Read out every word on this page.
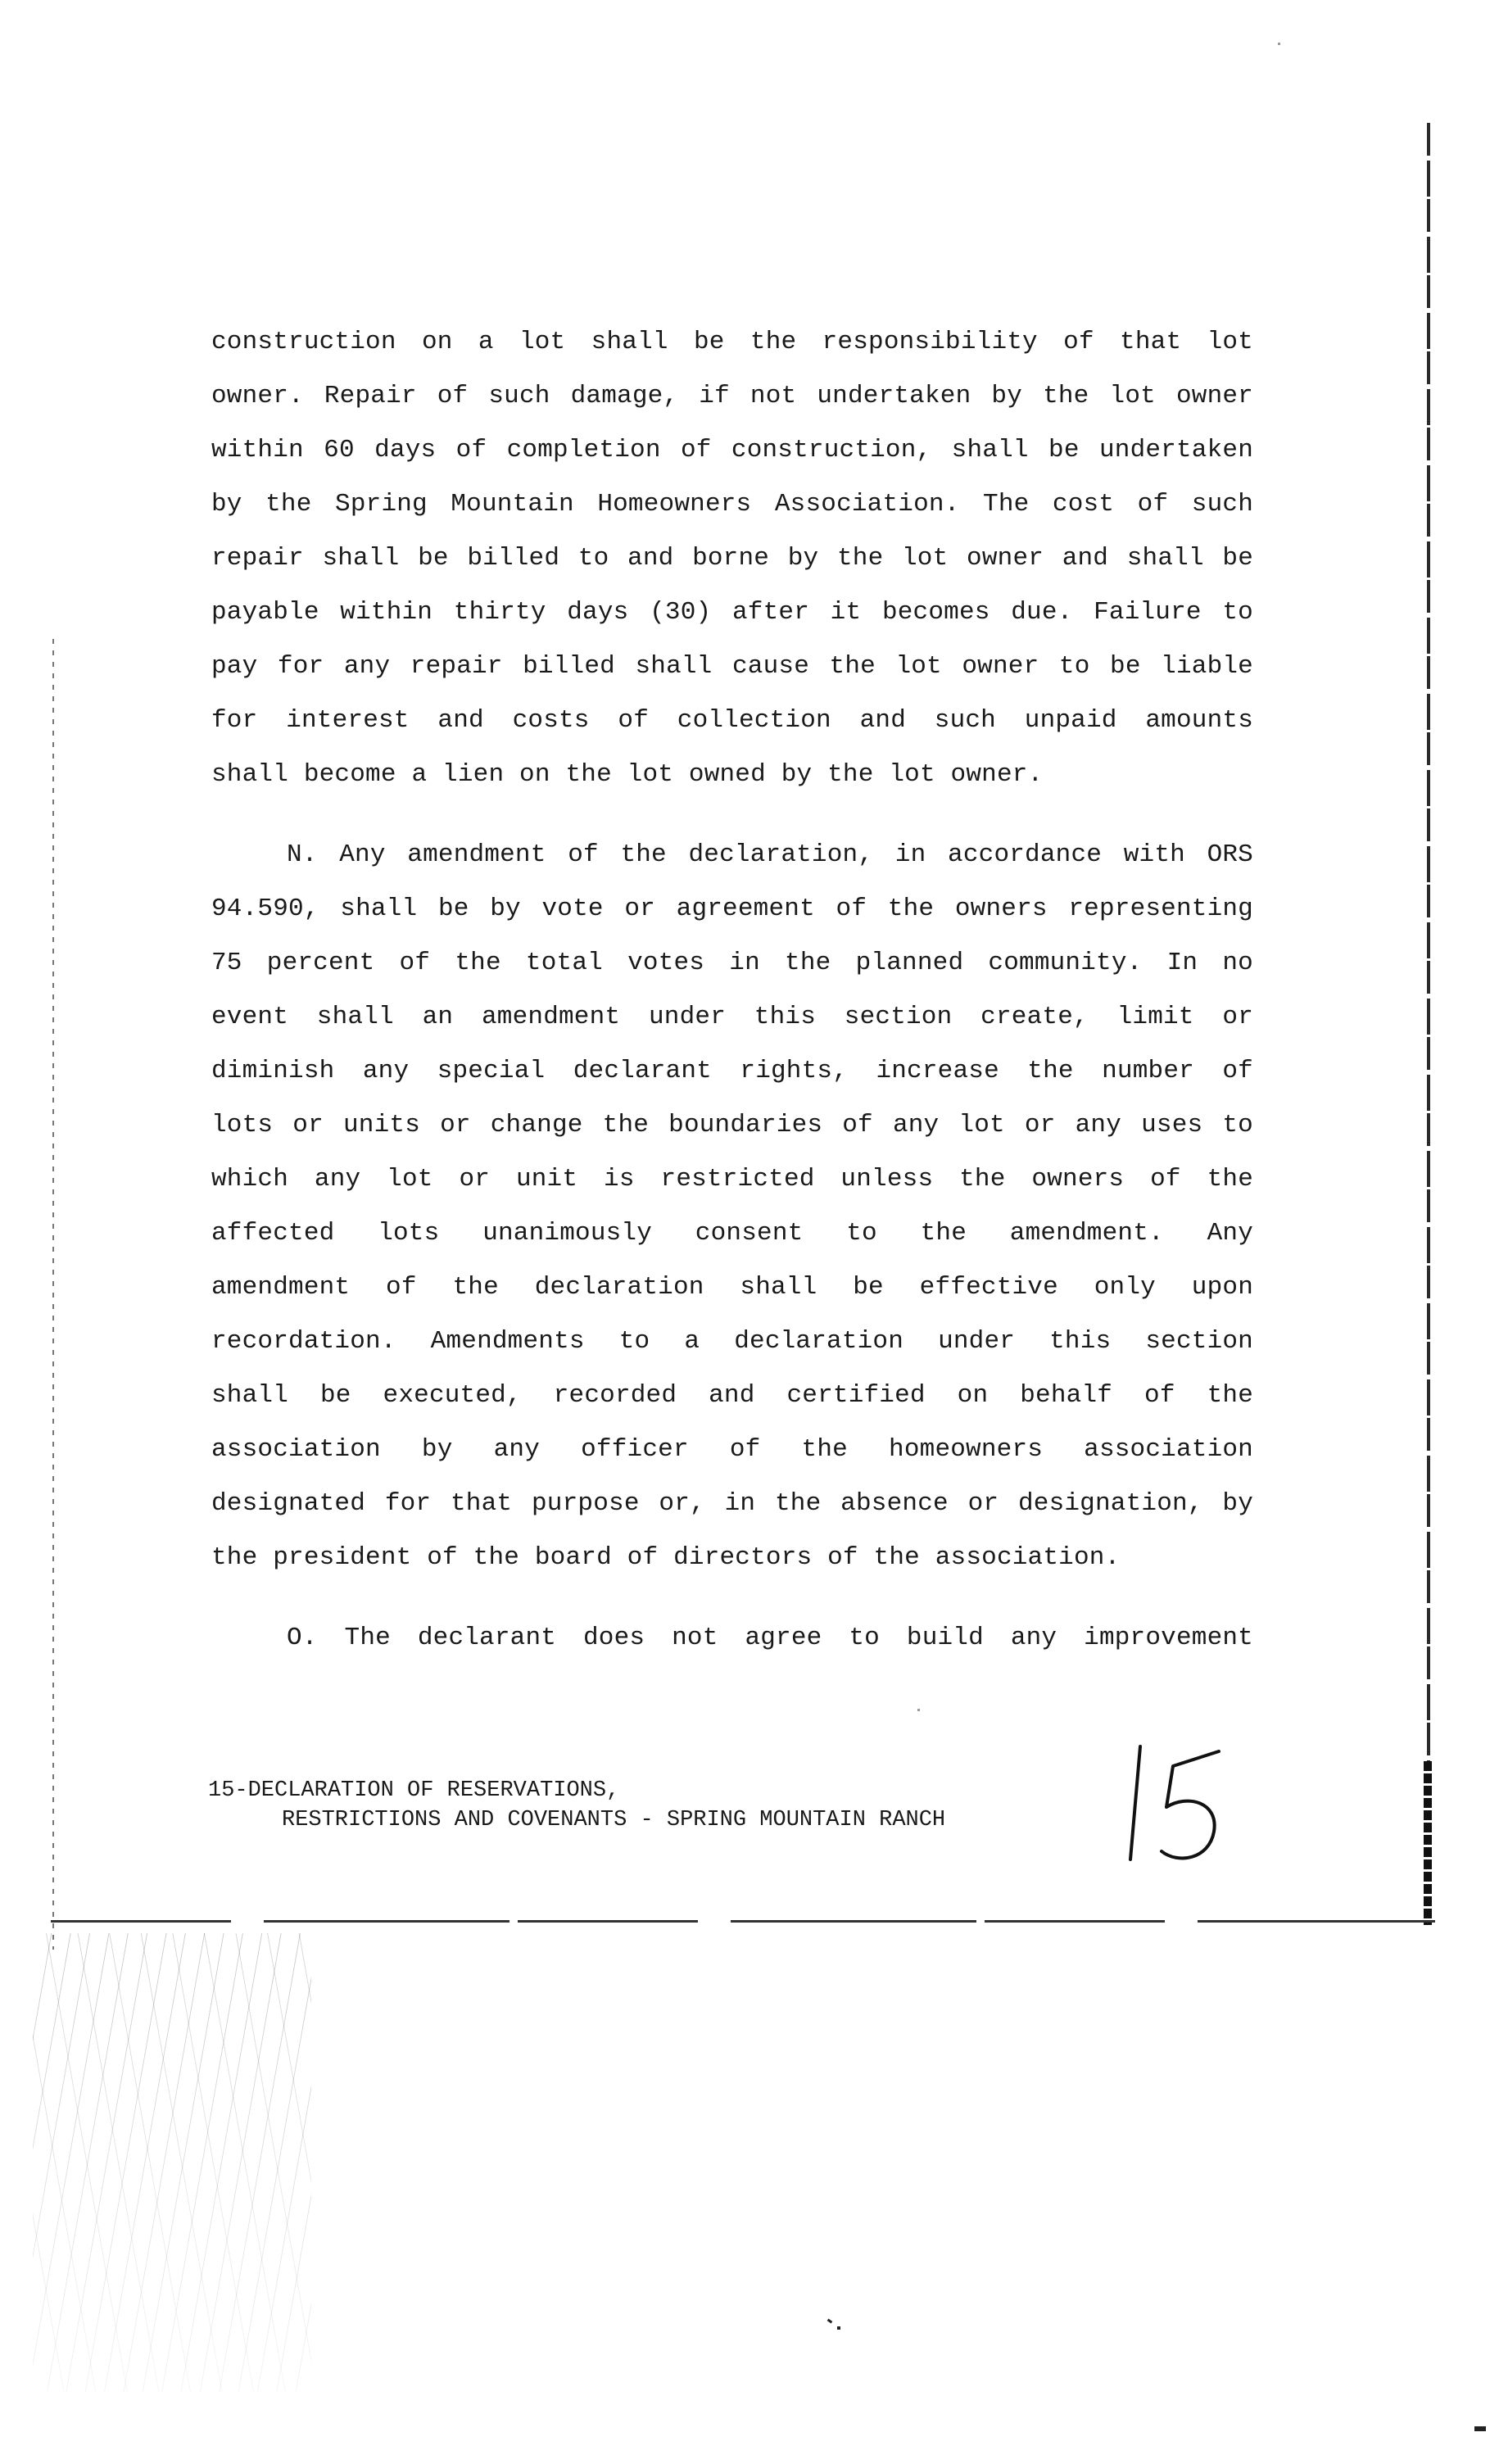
construction on a lot shall be the responsibility of that lot
owner. Repair of such damage, if not undertaken by the lot owner
within 60 days of completion of construction, shall be undertaken
by the Spring Mountain Homeowners Association. The cost of such
repair shall be billed to and borne by the lot owner and shall be
payable within thirty days (30) after it becomes due. Failure to
pay for any repair billed shall cause the lot owner to be liable
for interest and costs of collection and such unpaid amounts
shall become a lien on the lot owned by the lot owner.
N. Any amendment of the declaration, in accordance with ORS
94.590, shall be by vote or agreement of the owners representing
75 percent of the total votes in the planned community. In no
event shall an amendment under this section create, limit or
diminish any special declarant rights, increase the number of
lots or units or change the boundaries of any lot or any uses to
which any lot or unit is restricted unless the owners of the
affected lots unanimously consent to the amendment. Any
amendment of the declaration shall be effective only upon
recordation. Amendments to a declaration under this section
shall be executed, recorded and certified on behalf of the
association by any officer of the homeowners association
designated for that purpose or, in the absence or designation, by
the president of the board of directors of the association.
O. The declarant does not agree to build any improvement
15-DECLARATION OF RESERVATIONS,
RESTRICTIONS AND COVENANTS - SPRING MOUNTAIN RANCH
